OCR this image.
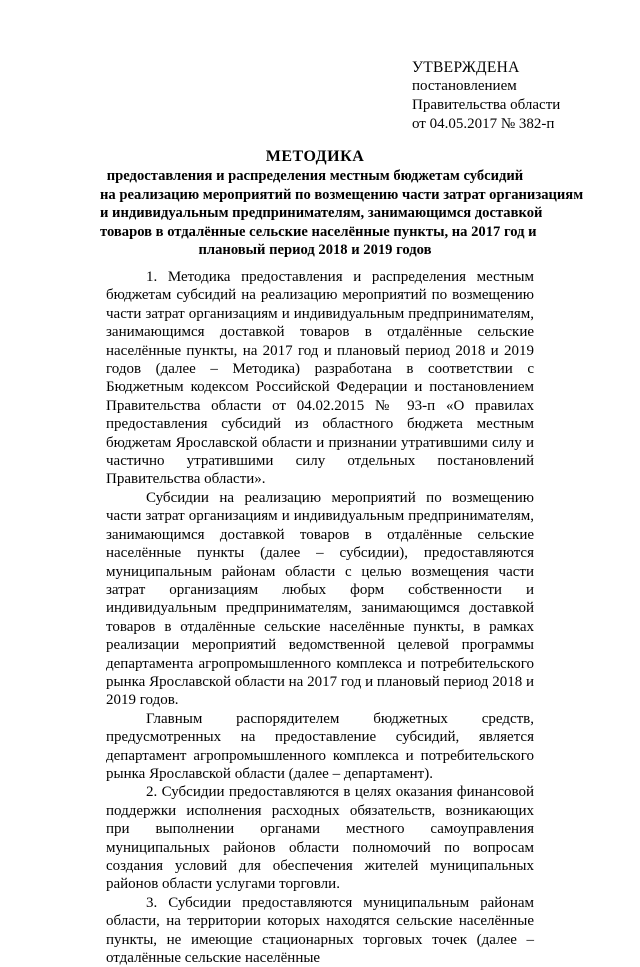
УТВЕРЖДЕНА
постановлением
Правительства области
от 04.05.2017 № 382-п
МЕТОДИКА
предоставления и распределения местным бюджетам субсидий
на реализацию мероприятий по возмещению части затрат организациям
и индивидуальным предпринимателям, занимающимся доставкой
товаров в отдалённые сельские населённые пункты, на 2017 год и
плановый период 2018 и 2019 годов

1. Методика предоставления и распределения местным бюджетам субсидий на реализацию мероприятий по возмещению части затрат организациям и индивидуальным предпринимателям, занимающимся доставкой товаров в отдалённые сельские населённые пункты, на 2017 год и плановый период 2018 и 2019 годов (далее – Методика) разработана в соответствии с Бюджетным кодексом Российской Федерации и постановлением Правительства области от 04.02.2015 № 93-п «О правилах предоставления субсидий из областного бюджета местным бюджетам Ярославской области и признании утратившими силу и частично утратившими силу отдельных постановлений Правительства области».

Субсидии на реализацию мероприятий по возмещению части затрат организациям и индивидуальным предпринимателям, занимающимся доставкой товаров в отдалённые сельские населённые пункты (далее – субсидии), предоставляются муниципальным районам области с целью возмещения части затрат организациям любых форм собственности и индивидуальным предпринимателям, занимающимся доставкой товаров в отдалённые сельские населённые пункты, в рамках реализации мероприятий ведомственной целевой программы департамента агропромышленного комплекса и потребительского рынка Ярославской области на 2017 год и плановый период 2018 и 2019 годов.

Главным распорядителем бюджетных средств, предусмотренных на предоставление субсидий, является департамент агропромышленного комплекса и потребительского рынка Ярославской области (далее – департамент).

2. Субсидии предоставляются в целях оказания финансовой поддержки исполнения расходных обязательств, возникающих при выполнении органами местного самоуправления муниципальных районов области полномочий по вопросам создания условий для обеспечения жителей муниципальных районов области услугами торговли.

3. Субсидии предоставляются муниципальным районам области, на территории которых находятся сельские населённые пункты, не имеющие стационарных торговых точек (далее – отдалённые сельские населённые
